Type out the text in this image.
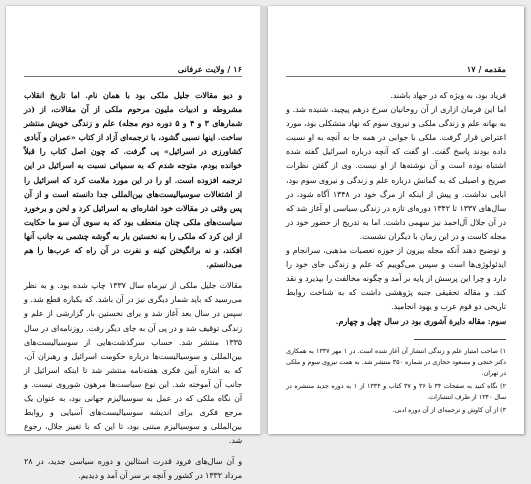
۱۶ / ولایت عرفانی

و دیو مقالات جلیل ملکی بود با همان نام. اما تاریخ انقلاب مشروطه و ادبیات ملیون مرحوم ملکی از آن مقالات، از (در شمارهای ۳ و ۴ و ۵ دوره دوم مجله) علم و زندگی خویش منتشر ساخت. اینها نسبی گشود، با ترجمه‌ای آزاد از کتاب «عمران و آبادی کشاورزی در اسرائیل» پی گرفت. که چون اصل کتاب را قبلاً خوانده بودم، متوجه شدم که به سمپاتی نسبت به اسرائیل در این ترجمه افزوده است. او را در این مورد ملامت کرد که اسرائیل را از اشتغالات سوسیالیست‌های بین‌المللی جدا دانسته است و از آن پس وقتی در مقالات خود اشاره‌ای به اسرائیل کرد و لحن و برخورد سیاست‌های ملکی چنان منعطف بود که به سوی آن سو ما حکایت از این کرد که ملکی را به نخستین بار به گوشه چشمی به جانب آنها افکند، و نه برانگیختن کینه و نفرت در آن راه که عرب‌ها را هم می‌دانستم.

مقالات جلیل ملکی از تیرماه سال ۱۳۳۷ چاپ شده بود. و به نظر می‌رسید که باید شمار دیگری نیز در آن باشد. که یکباره قطع شد. و سپس در سال بعد آغاز شد و برای نخستین بار گزارشی از علم و زندگی توقیف شد و در پی آن به جای دیگر رفت. روزنامه‌ای در سال ۱۳۳۵ منتشر شد. حساب سرگذشت‌هایی از سوسیالیست‌های بین‌المللی و سوسیالیست‌ها درباره حکومت اسرائیل و رهبران آن، که به اشاره آیین فکری هفته‌نامه منتشر شد تا اینکه اسرائیل از جانب آن آموخته شد. این نوع سیاست‌ها مرهون شوروی نیست. و آن نگاه ملکی که در عمل به سوسیالیزم جهانی بود، به عنوان یک مرجع فکری برای اندیشه سوسیالیست‌های آسیایی و روابط بین‌المللی و سوسیالیزم مبتنی بود، تا این که با تغییر جلال، رجوع شد.

و آن سال‌های فرود قدرت استالین و دوره سیاسی جدید، در ۲۸ مرداد ۱۳۳۲ در کشور و آنچه بر سر آن آمد و دیدیم.

مقدمه / ۱۷

فریاد بود، به ویژه که در جهاد باشند.

اما این فرمان ازاری از آن روحانیان سرخ درهم پیچید، شنیده شد. و به بهانه علم و زندگی ملکی و نیروی سوم که نهاد متشکلی بود، مورد اعتراض قرار گرفت. ملکی با جوابی در همه جا به آنچه به او نسبت داده بودند پاسخ گفت. او گفت که آنچه درباره اسرائیل گفته شده اشتباه بوده است و آن نوشته‌ها از او نیست. وی از گفتن نظرات صریح و اصیلی که به گمانش درباره علم و زندگی و نیروی سوم بود، ابایی نداشت. و پیش از اینکه از مرگ خود در ۱۳۴۸ آگاه شود، در سال‌های ۱۳۳۷ تا ۱۳۴۲ دوره‌ای تازه در زندگی سیاسی او آغاز شد که در آن جلال آل‌احمد نیز سهمی داشت. اما به تدریج از حضور خود در مجله کاست و در این زمان با دیگران نشست.

و توضیح دهند آنکه مجله بیرون از حوزه تعصبات مذهبی، سرانجام و ایدئولوژی‌ها است و سپس می‌گوییم که علم و زندگی جای خود را دارد و چرا این پرسش از پایه بر آمد و چگونه مخالفت را بپذیرد و نقد کند. و مقاله تحقیقی جنبه پژوهشی داشت که به شناخت روابط تاریخی دو قوم عرب و یهود انجامید.

سوم: مقاله دایرة آشوری بود در سال چهل و چهارم.

۱) صاحب امتیاز علم و زندگی انتشار آن آغاز شده است. در ۱ مهر ۱۳۳۷ به همکاری دکتر خنجی و مسعود حجازی در شماره ۳۵۰ منتشر شد. به همت نیروی سوم و ملکی در تهران.

۲) نگاه کنید به صفحات ۳۴ تا ۳۶ و ۳۷ کتاب و ۱۳۳۴ از ۱ به دوره جدید منتشره در سال ۱۳۴۰ از طرف انتشارات.

۳) از آن کاوش و ترجمه‌ای از آن دوره ادبی.
